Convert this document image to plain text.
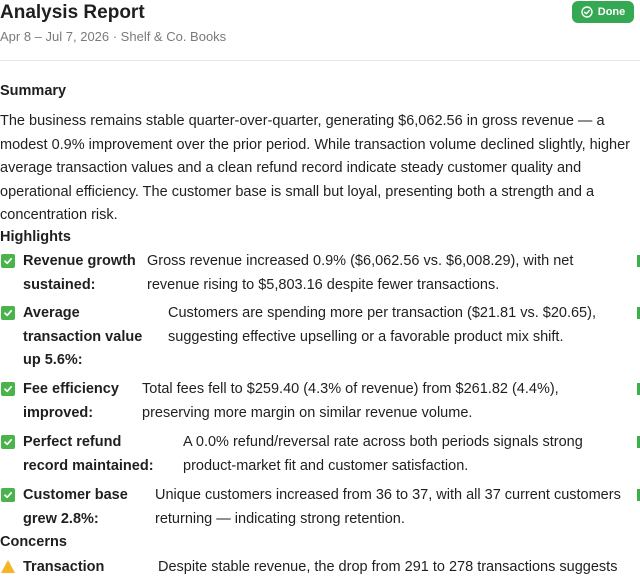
Analysis Report
Apr 8 – Jul 7, 2026 · Shelf & Co. Books
Done
Summary
The business remains stable quarter-over-quarter, generating $6,062.56 in gross revenue — a modest 0.9% improvement over the prior period. While transaction volume declined slightly, higher average transaction values and a clean refund record indicate steady customer quality and operational efficiency. The customer base is small but loyal, presenting both a strength and a concentration risk.
Highlights
Revenue growth sustained:
Gross revenue increased 0.9% ($6,062.56 vs. $6,008.29), with net revenue rising to $5,803.16 despite fewer transactions.
Average transaction value up 5.6%:
Customers are spending more per transaction ($21.81 vs. $20.65), suggesting effective upselling or a favorable product mix shift.
Fee efficiency improved:
Total fees fell to $259.40 (4.3% of revenue) from $261.82 (4.4%), preserving more margin on similar revenue volume.
Perfect refund record maintained:
A 0.0% refund/reversal rate across both periods signals strong product-market fit and customer satisfaction.
Customer base grew 2.8%:
Unique customers increased from 36 to 37, with all 37 current customers returning — indicating strong retention.
Concerns
Transaction	Despite stable revenue, the drop from 291 to 278 transactions suggests
